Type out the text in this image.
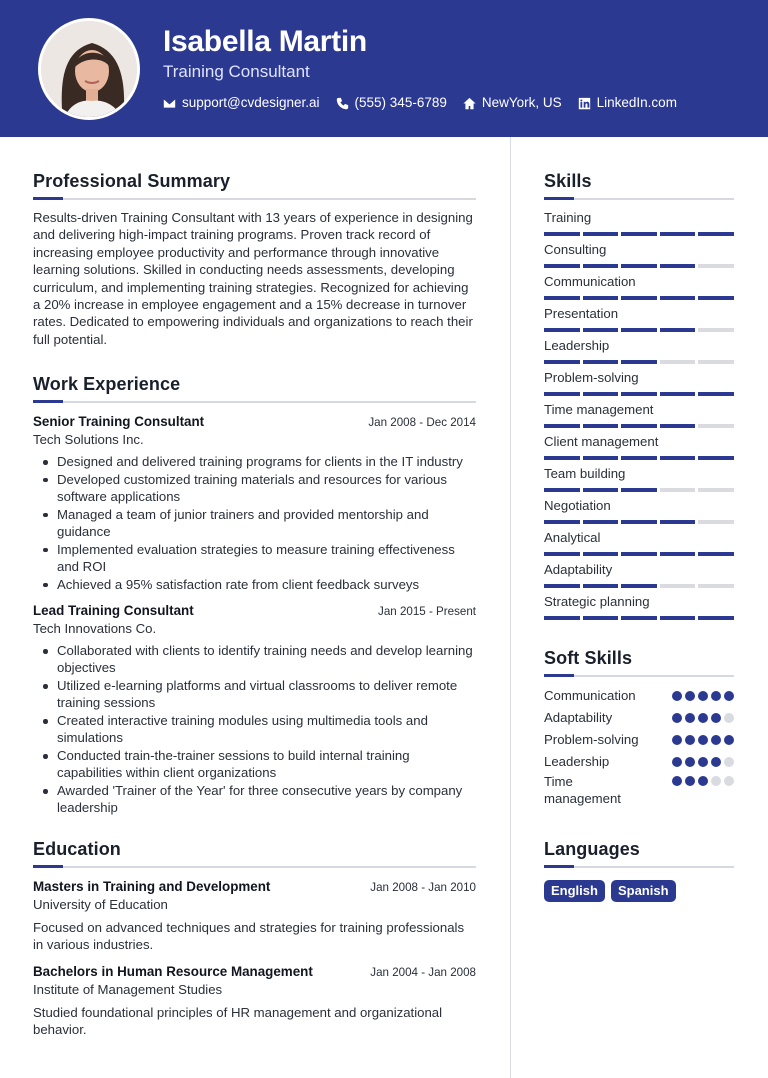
Isabella Martin
Training Consultant
support@cvdesigner.ai	(555) 345-6789	NewYork, US	LinkedIn.com
Professional Summary

Results-driven Training Consultant with 13 years of experience in designing and delivering high-impact training programs. Proven track record of increasing employee productivity and performance through innovative learning solutions. Skilled in conducting needs assessments, developing curriculum, and implementing training strategies. Recognized for achieving a 20% increase in employee engagement and a 15% decrease in turnover rates. Dedicated to empowering individuals and organizations to reach their full potential.

Work Experience
Senior Training Consultant	Jan 2008 - Dec 2014
Tech Solutions Inc.
Designed and delivered training programs for clients in the IT industry
Developed customized training materials and resources for various software applications
Managed a team of junior trainers and provided mentorship and guidance
Implemented evaluation strategies to measure training effectiveness and ROI
Achieved a 95% satisfaction rate from client feedback surveys
Lead Training Consultant	Jan 2015 - Present
Tech Innovations Co.
Collaborated with clients to identify training needs and develop learning objectives
Utilized e-learning platforms and virtual classrooms to deliver remote training sessions
Created interactive training modules using multimedia tools and simulations
Conducted train-the-trainer sessions to build internal training capabilities within client organizations
Awarded 'Trainer of the Year' for three consecutive years by company leadership
Education
Masters in Training and Development	Jan 2008 - Jan 2010
University of Education

Focused on advanced techniques and strategies for training professionals in various industries.

Bachelors in Human Resource Management	Jan 2004 - Jan 2008
Institute of Management Studies

Studied foundational principles of HR management and organizational behavior.

Skills
Training
Consulting
Communication
Presentation
Leadership
Problem-solving
Time management
Client management
Team building
Negotiation
Analytical
Adaptability
Strategic planning
Soft Skills
Communication
Adaptability
Problem-solving
Leadership
Time management
Languages
English	Spanish
